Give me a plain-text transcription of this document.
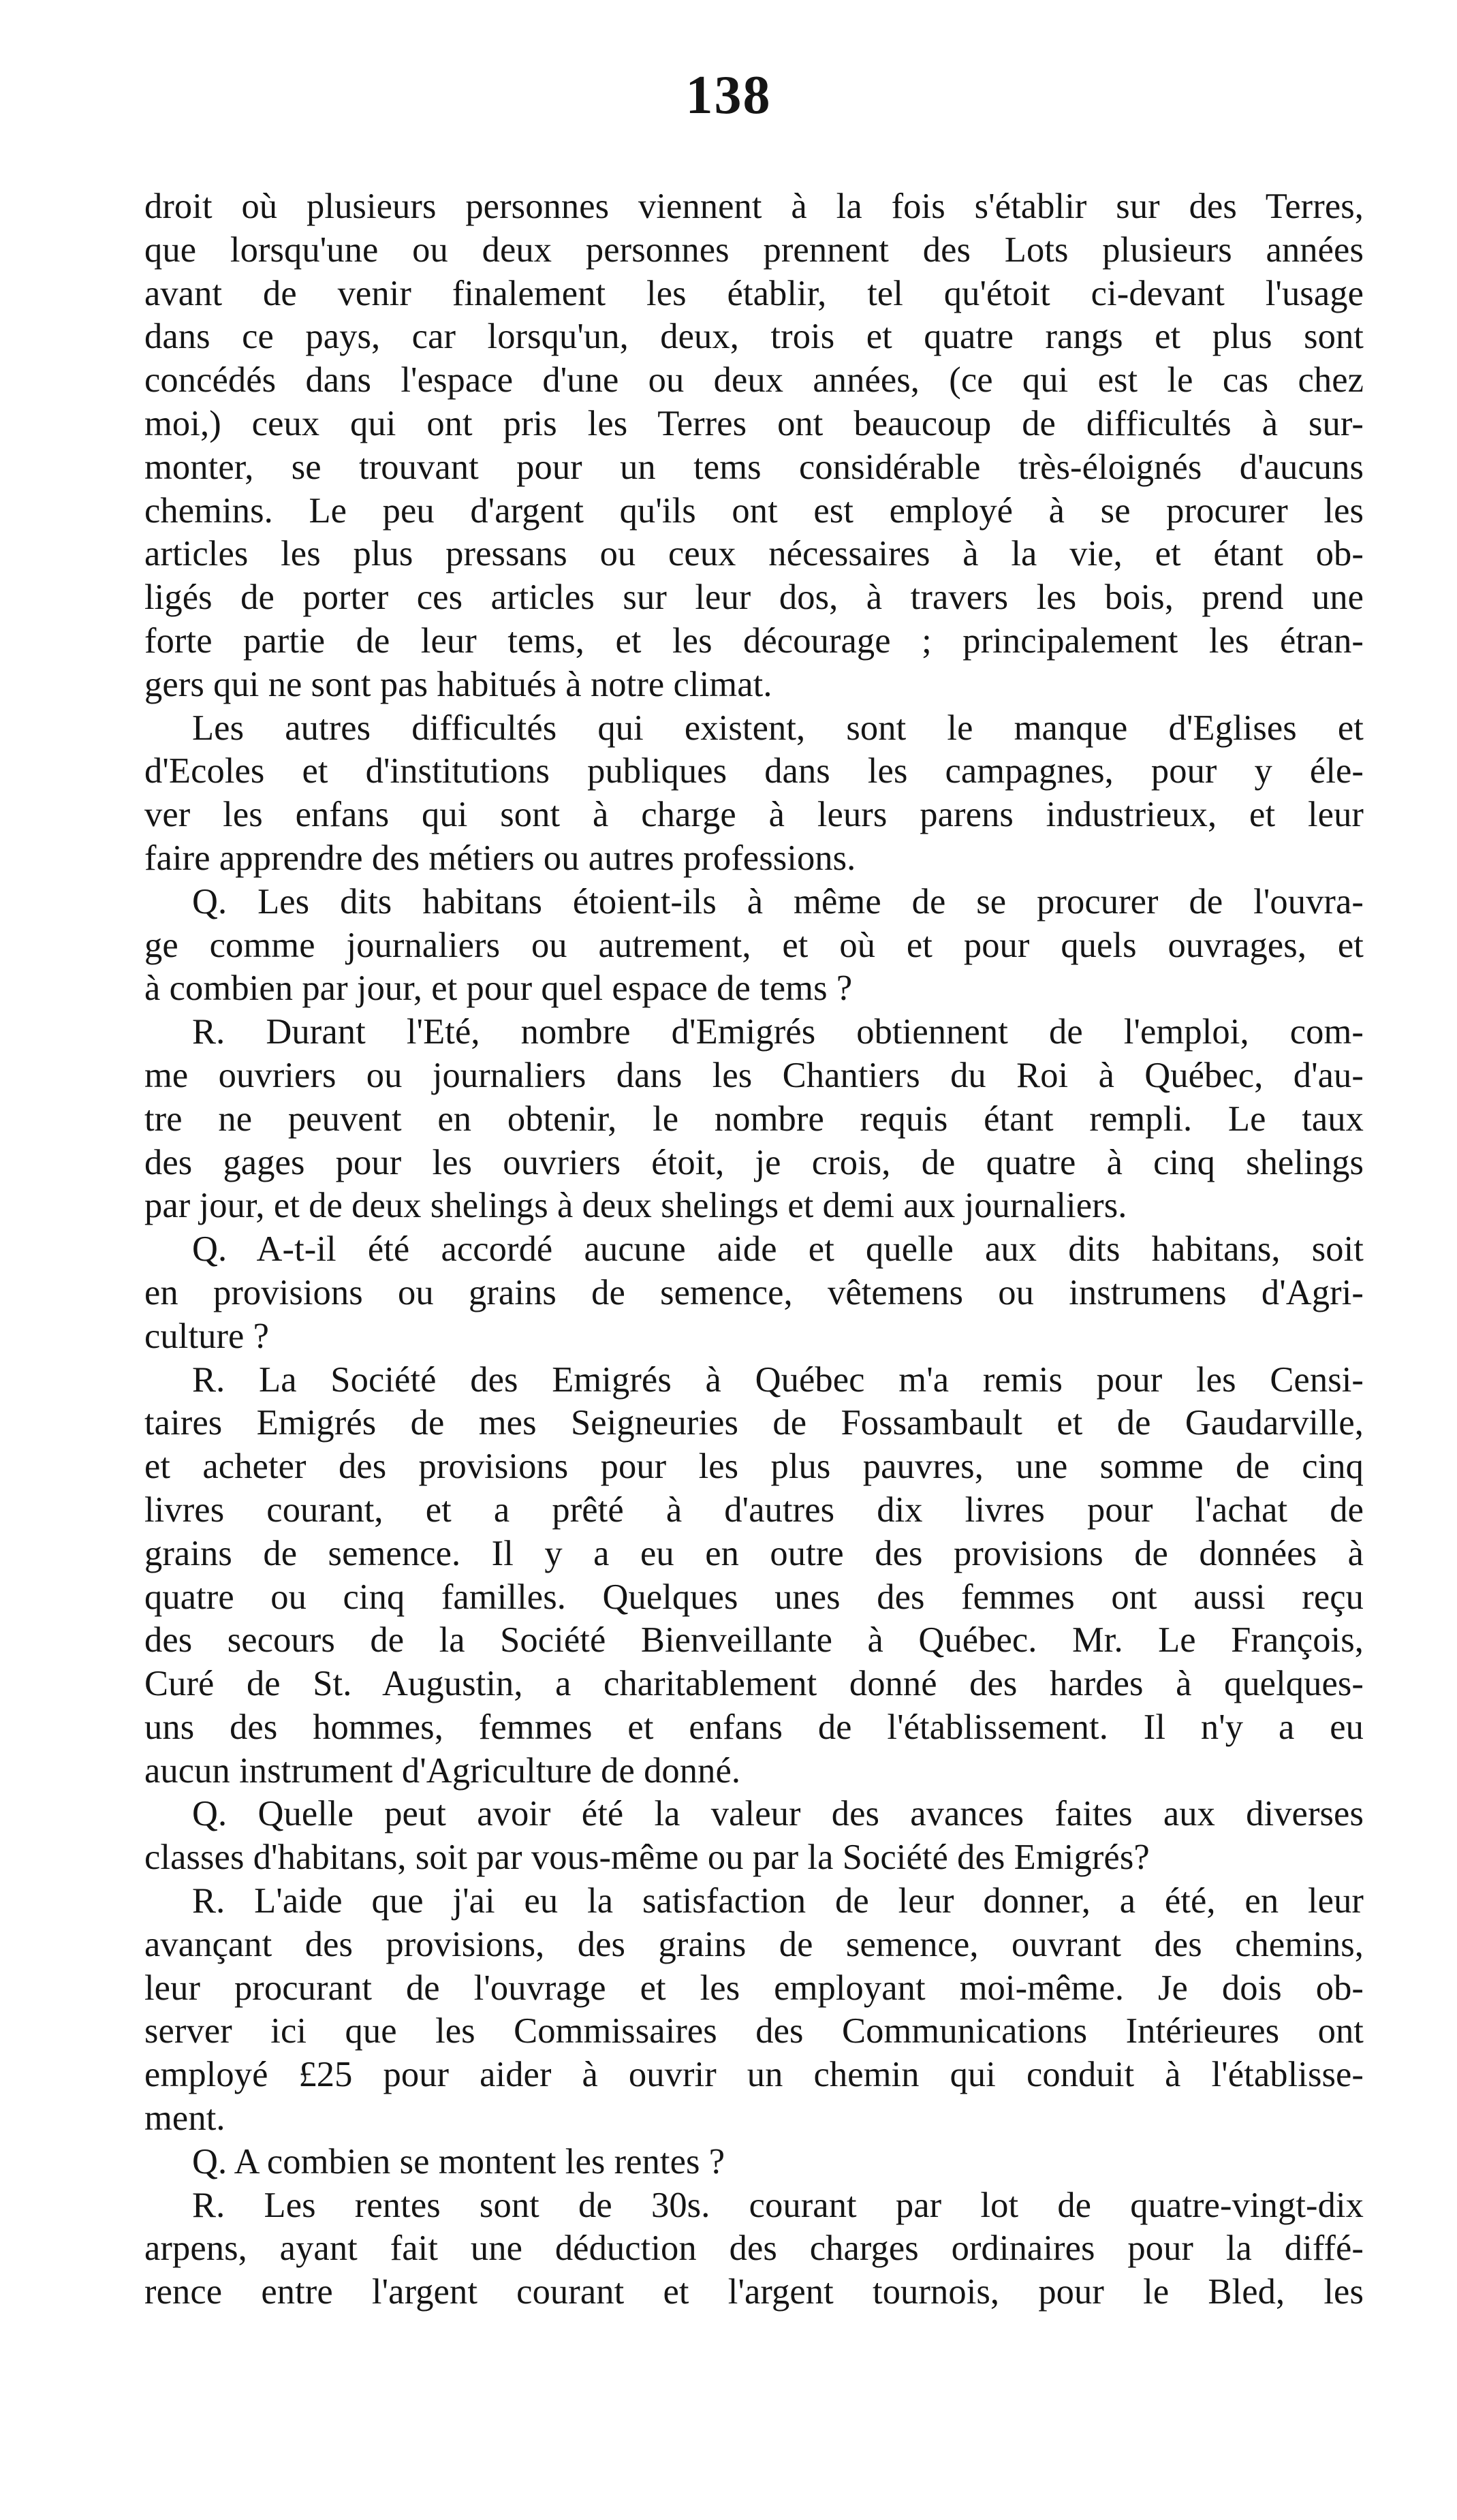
138
droit où plusieurs personnes viennent à la fois s'établir sur des Terres,
que lorsqu'une ou deux personnes prennent des Lots plusieurs années
avant de venir finalement les établir, tel qu'étoit ci-devant l'usage
dans ce pays, car lorsqu'un, deux, trois et quatre rangs et plus sont
concédés dans l'espace d'une ou deux années, (ce qui est le cas chez
moi,) ceux qui ont pris les Terres ont beaucoup de difficultés à sur-
monter, se trouvant pour un tems considérable très-éloignés d'aucuns
chemins. Le peu d'argent qu'ils ont est employé à se procurer les
articles les plus pressans ou ceux nécessaires à la vie, et étant ob-
ligés de porter ces articles sur leur dos, à travers les bois, prend une
forte partie de leur tems, et les décourage ; principalement les étran-
gers qui ne sont pas habitués à notre climat.
Les autres difficultés qui existent, sont le manque d'Eglises et
d'Ecoles et d'institutions publiques dans les campagnes, pour y éle-
ver les enfans qui sont à charge à leurs parens industrieux, et leur
faire apprendre des métiers ou autres professions.
Q. Les dits habitans étoient-ils à même de se procurer de l'ouvra-
ge comme journaliers ou autrement, et où et pour quels ouvrages, et
à combien par jour, et pour quel espace de tems ?
R. Durant l'Eté, nombre d'Emigrés obtiennent de l'emploi, com-
me ouvriers ou journaliers dans les Chantiers du Roi à Québec, d'au-
tre ne peuvent en obtenir, le nombre requis étant rempli. Le taux
des gages pour les ouvriers étoit, je crois, de quatre à cinq shelings
par jour, et de deux shelings à deux shelings et demi aux journaliers.
Q. A-t-il été accordé aucune aide et quelle aux dits habitans, soit
en provisions ou grains de semence, vêtemens ou instrumens d'Agri-
culture ?
R. La Société des Emigrés à Québec m'a remis pour les Censi-
taires Emigrés de mes Seigneuries de Fossambault et de Gaudarville,
et acheter des provisions pour les plus pauvres, une somme de cinq
livres courant, et a prêté à d'autres dix livres pour l'achat de
grains de semence. Il y a eu en outre des provisions de données à
quatre ou cinq familles. Quelques unes des femmes ont aussi reçu
des secours de la Société Bienveillante à Québec. Mr. Le François,
Curé de St. Augustin, a charitablement donné des hardes à quelques-
uns des hommes, femmes et enfans de l'établissement. Il n'y a eu
aucun instrument d'Agriculture de donné.
Q. Quelle peut avoir été la valeur des avances faites aux diverses
classes d'habitans, soit par vous-même ou par la Société des Emigrés?
R. L'aide que j'ai eu la satisfaction de leur donner, a été, en leur
avançant des provisions, des grains de semence, ouvrant des chemins,
leur procurant de l'ouvrage et les employant moi-même. Je dois ob-
server ici que les Commissaires des Communications Intérieures ont
employé £25 pour aider à ouvrir un chemin qui conduit à l'établisse-
ment.
Q. A combien se montent les rentes ?
R. Les rentes sont de 30s. courant par lot de quatre-vingt-dix
arpens, ayant fait une déduction des charges ordinaires pour la diffé-
rence entre l'argent courant et l'argent tournois, pour le Bled, les
